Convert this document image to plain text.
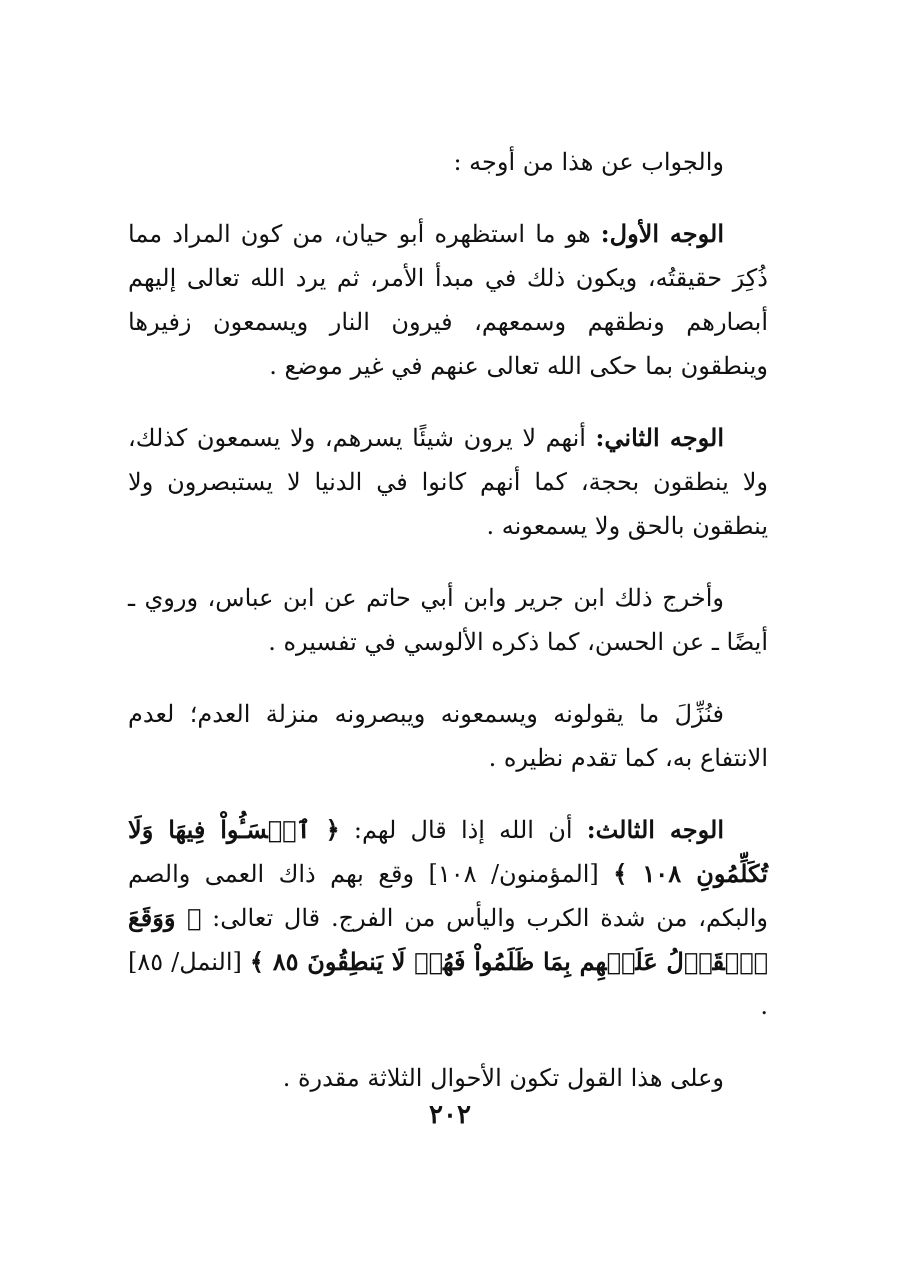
والجواب عن هذا من أوجه :

الوجه الأول: هو ما استظهره أبو حيان، من كون المراد مما ذُكِرَ حقيقتُه، ويكون ذلك في مبدأ الأمر، ثم يرد الله تعالى إليهم أبصارهم ونطقهم وسمعهم، فيرون النار ويسمعون زفيرها وينطقون بما حكى الله تعالى عنهم في غير موضع .

الوجه الثاني: أنهم لا يرون شيئًا يسرهم، ولا يسمعون كذلك، ولا ينطقون بحجة، كما أنهم كانوا في الدنيا لا يستبصرون ولا ينطقون بالحق ولا يسمعونه .

وأخرج ذلك ابن جرير وابن أبي حاتم عن ابن عباس، وروي ـ أيضًا ـ عن الحسن، كما ذكره الألوسي في تفسيره .

فنُزِّلَ ما يقولونه ويسمعونه ويبصرونه منزلة العدم؛ لعدم الانتفاع به، كما تقدم نظيره .

الوجه الثالث: أن الله إذا قال لهم: ﴿ ٱخۡسَـُٔواْ فِيهَا وَلَا تُكَلِّمُونِ ١٠٨ ﴾ [المؤمنون/ ١٠٨] وقع بهم ذاك العمى والصم والبكم، من شدة الكرب واليأس من الفرج. قال تعالى: ﴿ وَوَقَعَ ٱلۡقَوۡلُ عَلَيۡهِم بِمَا ظَلَمُواْ فَهُمۡ لَا يَنطِقُونَ ٨٥ ﴾ [النمل/ ٨٥] .

وعلى هذا القول تكون الأحوال الثلاثة مقدرة .

٢٠٢
